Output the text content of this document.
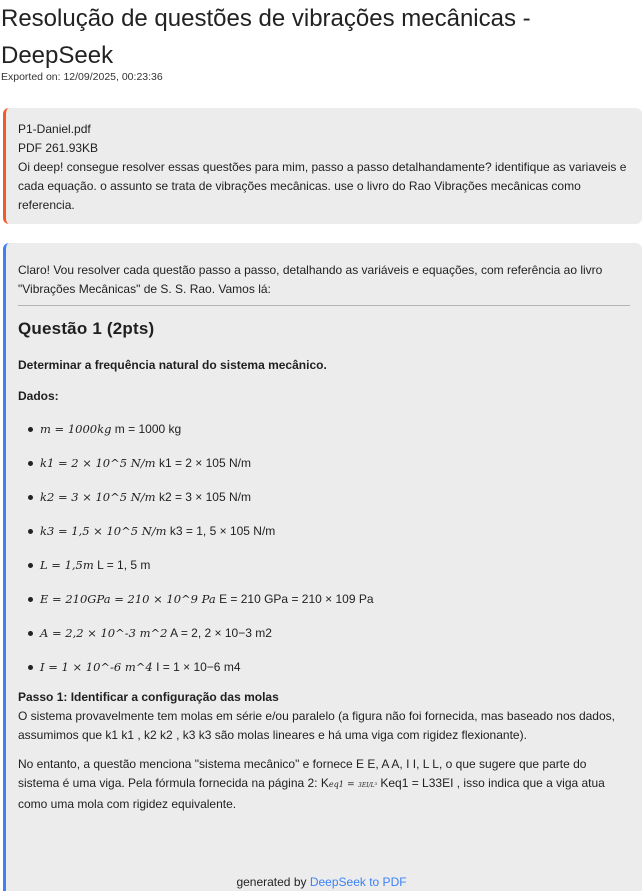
Resolução de questões de vibrações mecânicas - DeepSeek
Exported on: 12/09/2025, 00:23:36

P1-Daniel.pdf

PDF 261.93KB

Oi deep! consegue resolver essas questões para mim, passo a passo detalhandamente? identifique as variaveis e cada equação. o assunto se trata de vibrações mecânicas. use o livro do Rao Vibrações mecânicas como referencia.

Claro! Vou resolver cada questão passo a passo, detalhando as variáveis e equações, com referência ao livro "Vibrações Mecânicas" de S. S. Rao. Vamos lá:

Questão 1 (2pts)

Determinar a frequência natural do sistema mecânico.

Dados:

m = 1000kg m = 1000 kg
k1 = 2 × 10^5 N/m k1 = 2 × 105 N/m
k2 = 3 × 10^5 N/m k2 = 3 × 105 N/m
k3 = 1,5 × 10^5 N/m k3 = 1, 5 × 105 N/m
L = 1,5m L = 1, 5 m
E = 210GPa = 210 × 10^9 Pa E = 210 GPa = 210 × 109 Pa
A = 2,2 × 10^-3 m^2 A = 2, 2 × 10−3 m2
I = 1 × 10^-6 m^4 I = 1 × 10−6 m4

Passo 1: Identificar a configuração das molas

O sistema provavelmente tem molas em série e/ou paralelo (a figura não foi fornecida, mas baseado nos dados, assumimos que k1 k1 , k2 k2 , k3 k3 são molas lineares e há uma viga com rigidez flexionante).

No entanto, a questão menciona "sistema mecânico" e fornece E E, A A, I I, L L, o que sugere que parte do sistema é uma viga. Pela fórmula fornecida na página 2: Keq1 = 3EI/L³ Keq1 = L33EI , isso indica que a viga atua como uma mola com rigidez equivalente.

generated by DeepSeek to PDF
